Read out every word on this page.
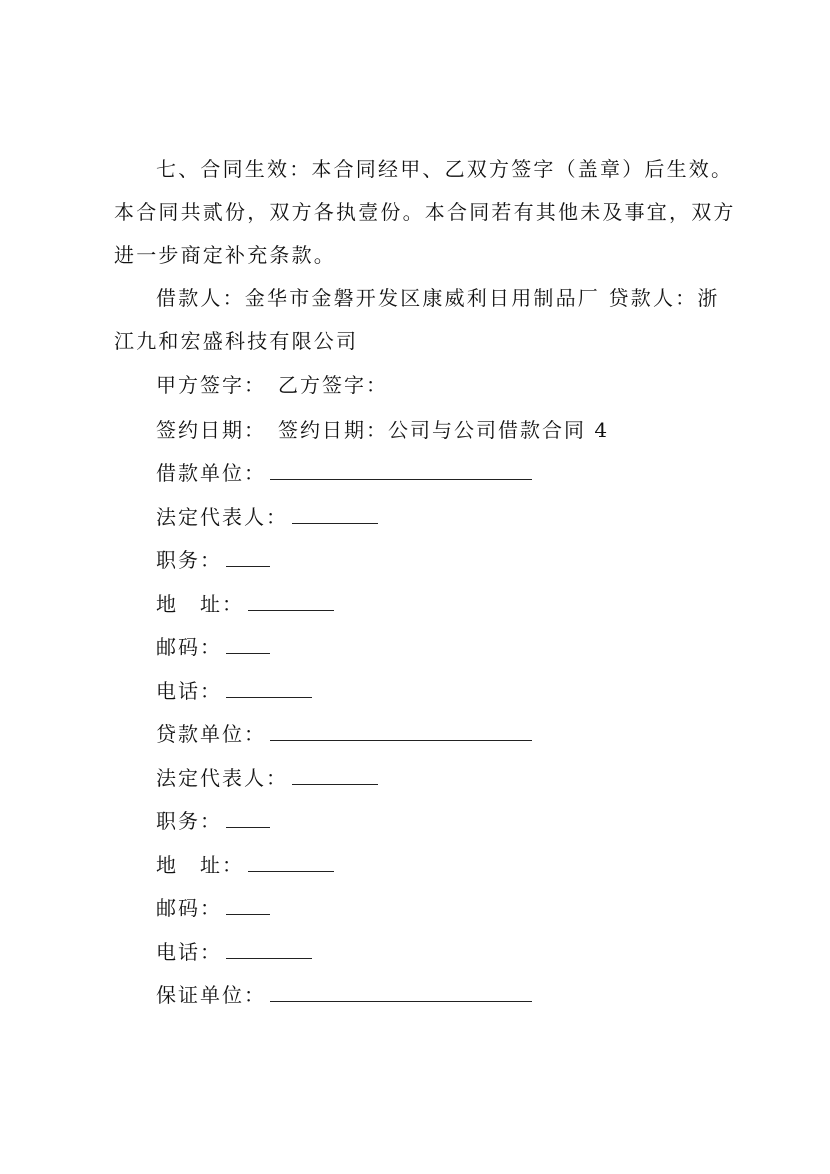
七、合同生效：本合同经甲、乙双方签字（盖章）后生效。本合同共贰份，双方各执壹份。本合同若有其他未及事宜，双方进一步商定补充条款。
借款人：金华市金磐开发区康威利日用制品厂 贷款人：浙江九和宏盛科技有限公司

甲方签字：　乙方签字：

签约日期：　签约日期：公司与公司借款合同 4

借款单位：

法定代表人：

职务：

地　址：

邮码：

电话：

贷款单位：

法定代表人：

职务：

地　址：

邮码：

电话：

保证单位：
